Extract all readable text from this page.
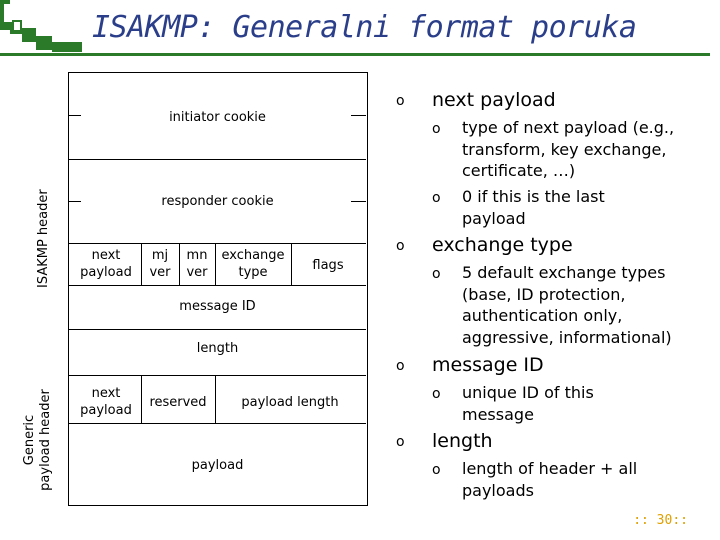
ISAKMP: Generalni format poruka
ISAKMP header
Generic
payload header
initiator cookie
responder cookie
next payload
mj ver
mn ver
exchange type	flags
message ID
length
next payload
reserved	payload length
payload
o next payload
o type of next payload (e.g., transform, key exchange, certificate, …)
o 0 if this is the last payload
o exchange type
o 5 default exchange types (base, ID protection, authentication only, aggressive, informational)
o message ID
o unique ID of this message
o length
o length of header + all payloads
:: 30::
